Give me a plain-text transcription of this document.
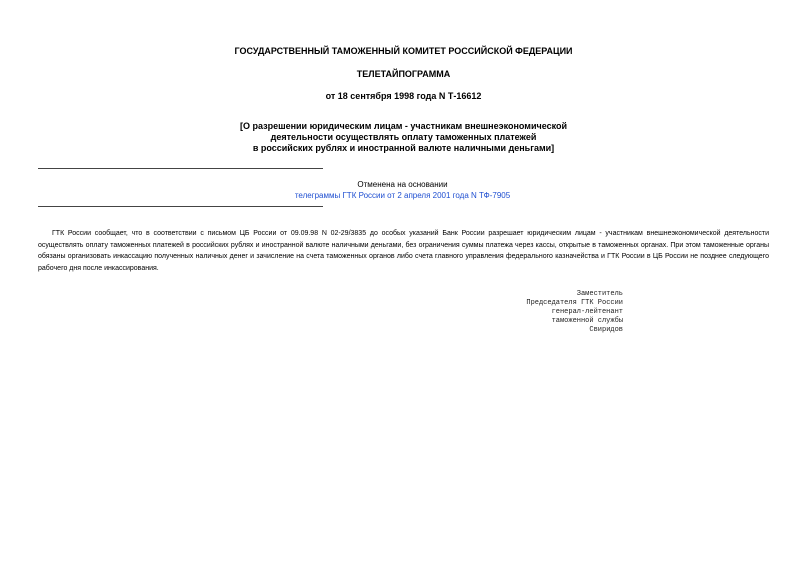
ГОСУДАРСТВЕННЫЙ ТАМОЖЕННЫЙ КОМИТЕТ РОССИЙСКОЙ ФЕДЕРАЦИИ

ТЕЛЕТАЙПОГРАММА

от 18 сентября 1998 года N Т-16612

[О разрешении юридическим лицам - участникам внешнеэкономической
деятельности осуществлять оплату таможенных платежей
в российских рублях и иностранной валюте наличными деньгами]

Отменена на основании
телеграммы ГТК России от 2 апреля 2001 года N ТФ-7905

ГТК России сообщает, что в соответствии с письмом ЦБ России от 09.09.98 N 02-29/3835 до особых указаний Банк России разрешает юридическим лицам - участникам внешнеэкономической деятельности осуществлять оплату таможенных платежей в российских рублях и иностранной валюте наличными деньгами, без ограничения суммы платежа через кассы, открытые в таможенных органах. При этом таможенные органы обязаны организовать инкассацию полученных наличных денег и зачисление на счета таможенных органов либо счета главного управления федерального казначейства и ГТК России в ЦБ России не позднее следующего рабочего дня после инкассирования.

Заместитель
Председателя ГТК России
генерал-лейтенант
таможенной службы
Свиридов
